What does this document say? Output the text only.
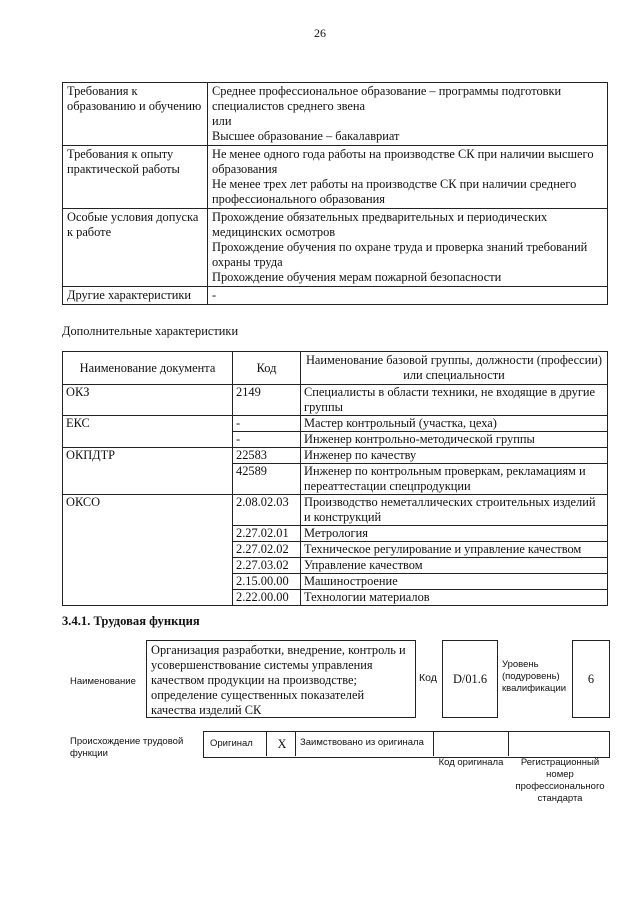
26
Требования к образованию и обучению	Среднее профессиональное образование – программы подготовки специалистов среднего звена

или

Высшее образование – бакалавриат

Требования к опыту практической работы	Не менее одного года работы на производстве СК при наличии высшего образования

Не менее трех лет работы на производстве СК при наличии среднего профессионального образования

Особые условия допуска к работе	Прохождение обязательных предварительных и периодических медицинских осмотров

Прохождение обучения по охране труда и проверка знаний требований охраны труда

Прохождение обучения мерам пожарной безопасности

Другие характеристики	-

Дополнительные характеристики
Наименование документа	Код	Наименование базовой группы, должности (профессии) или специальности
ОКЗ	2149	Специалисты в области техники, не входящие в другие группы
ЕКС	-	Мастер контрольный (участка, цеха)
	-	Инженер контрольно-методической группы
ОКПДТР	22583	Инженер по качеству
	42589	Инженер по контрольным проверкам, рекламациям и переаттестации спецпродукции
ОКСО	2.08.02.03	Производство неметаллических строительных изделий и конструкций
	2.27.02.01	Метрология
	2.27.02.02	Техническое регулирование и управление качеством
	2.27.03.02	Управление качеством
	2.15.00.00	Машиностроение
	2.22.00.00	Технологии материалов
3.4.1. Трудовая функция
Наименование
Организация разработки, внедрение, контроль и усовершенствование системы управления качеством продукции на производстве; определение существенных показателей качества изделий СК
Код	D/01.6
Уровень (подуровень) квалификации
6
Происхождение трудовой функции
Оригинал	X	Заимствовано из оригинала
Код оригинала	Регистрационный номер профессионального стандарта
